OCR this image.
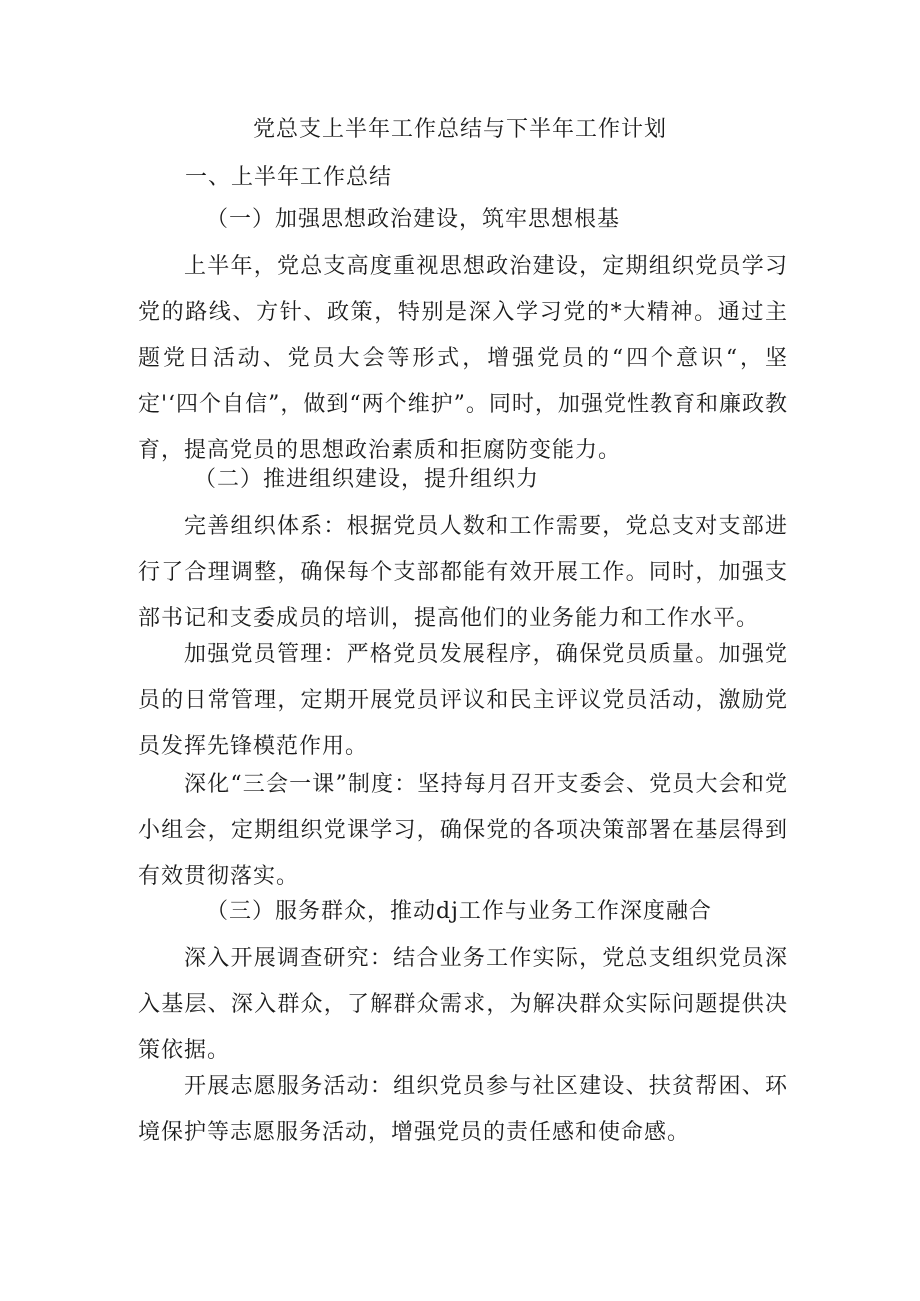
党总支上半年工作总结与下半年工作计划
一、上半年工作总结
（一）加强思想政治建设，筑牢思想根基
上半年，党总支高度重视思想政治建设，定期组织党员学习党的路线、方针、政策，特别是深入学习党的*大精神。通过主题党日活动、党员大会等形式，增强党员的“四个意识“，坚定'‘四个自信”，做到“两个维护”。同时，加强党性教育和廉政教育，提高党员的思想政治素质和拒腐防变能力。
（二）推进组织建设，提升组织力
完善组织体系：根据党员人数和工作需要，党总支对支部进行了合理调整，确保每个支部都能有效开展工作。同时，加强支部书记和支委成员的培训，提高他们的业务能力和工作水平。
加强党员管理：严格党员发展程序，确保党员质量。加强党员的日常管理，定期开展党员评议和民主评议党员活动，激励党员发挥先锋模范作用。
深化“三会一课”制度：坚持每月召开支委会、党员大会和党小组会，定期组织党课学习，确保党的各项决策部署在基层得到有效贯彻落实。
（三）服务群众，推动dj工作与业务工作深度融合
深入开展调查研究：结合业务工作实际，党总支组织党员深入基层、深入群众，了解群众需求，为解决群众实际问题提供决策依据。
开展志愿服务活动：组织党员参与社区建设、扶贫帮困、环境保护等志愿服务活动，增强党员的责任感和使命感。
